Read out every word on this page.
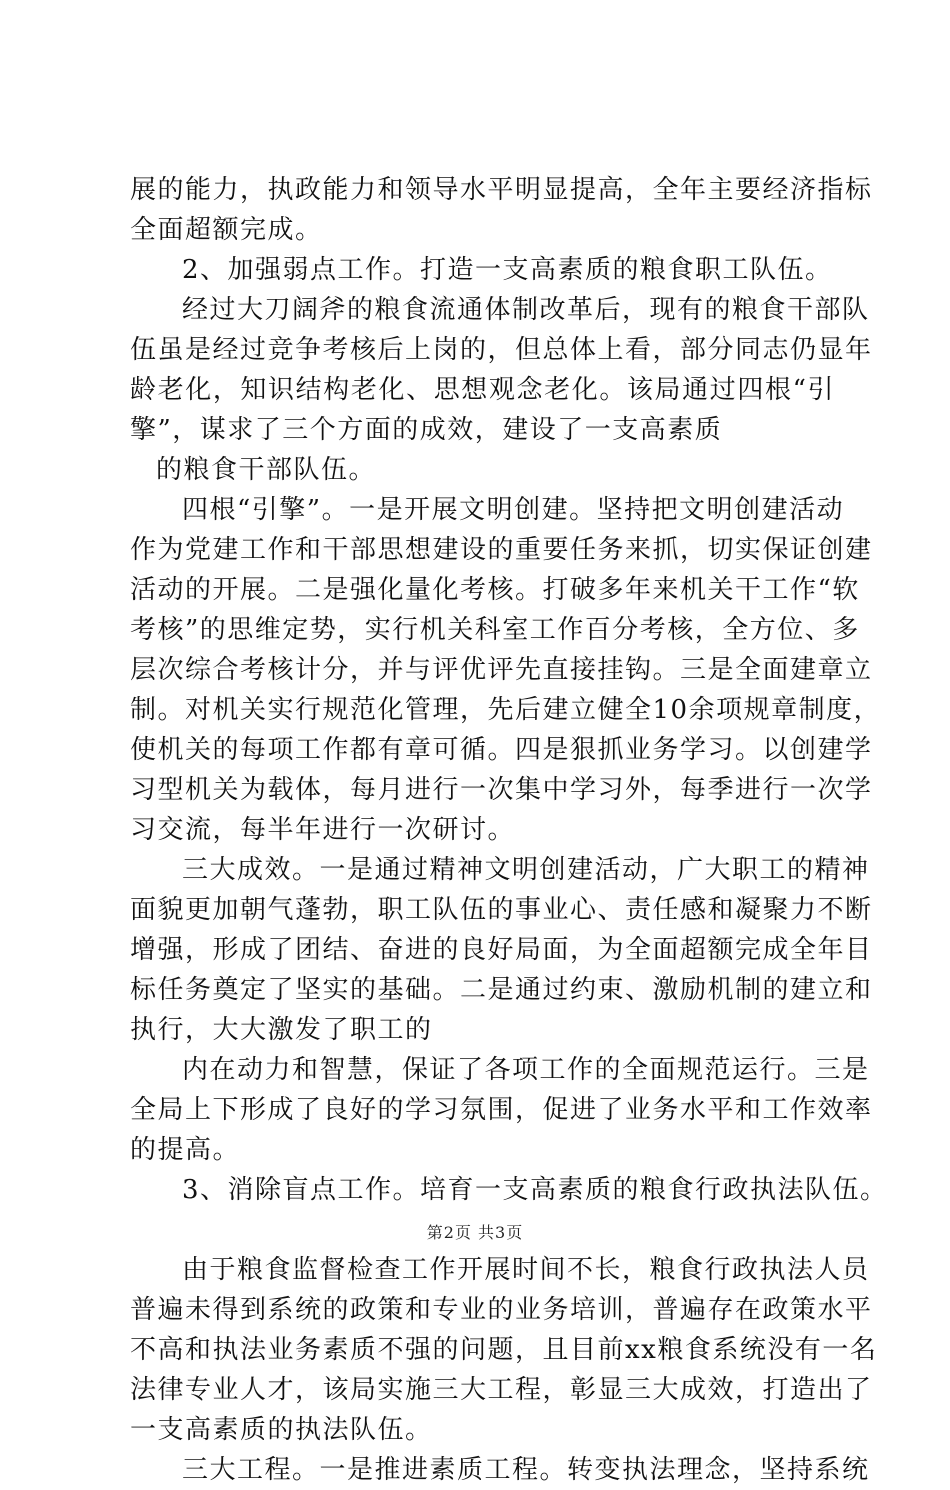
展的能力，执政能力和领导水平明显提高，全年主要经济指标
全面超额完成。
2、加强弱点工作。打造一支高素质的粮食职工队伍。
经过大刀阔斧的粮食流通体制改革后，现有的粮食干部队
伍虽是经过竞争考核后上岗的，但总体上看，部分同志仍显年
龄老化，知识结构老化、思想观念老化。该局通过四根“引
擎”，谋求了三个方面的成效，建设了一支高素质
的粮食干部队伍。
四根“引擎”。一是开展文明创建。坚持把文明创建活动
作为党建工作和干部思想建设的重要任务来抓，切实保证创建
活动的开展。二是强化量化考核。打破多年来机关干工作“软
考核”的思维定势，实行机关科室工作百分考核，全方位、多
层次综合考核计分，并与评优评先直接挂钩。三是全面建章立
制。对机关实行规范化管理，先后建立健全10余项规章制度，
使机关的每项工作都有章可循。四是狠抓业务学习。以创建学
习型机关为载体，每月进行一次集中学习外，每季进行一次学
习交流，每半年进行一次研讨。
三大成效。一是通过精神文明创建活动，广大职工的精神
面貌更加朝气蓬勃，职工队伍的事业心、责任感和凝聚力不断
增强，形成了团结、奋进的良好局面，为全面超额完成全年目
标任务奠定了坚实的基础。二是通过约束、激励机制的建立和
执行，大大激发了职工的
内在动力和智慧，保证了各项工作的全面规范运行。三是
全局上下形成了良好的学习氛围，促进了业务水平和工作效率
的提高。
3、消除盲点工作。培育一支高素质的粮食行政执法队伍。
由于粮食监督检查工作开展时间不长，粮食行政执法人员
普遍未得到系统的政策和专业的业务培训，普遍存在政策水平
不高和执法业务素质不强的问题，且目前xx粮食系统没有一名
法律专业人才，该局实施三大工程，彰显三大成效，打造出了
一支高素质的执法队伍。
三大工程。一是推进素质工程。转变执法理念，坚持系统
第2页 共3页
